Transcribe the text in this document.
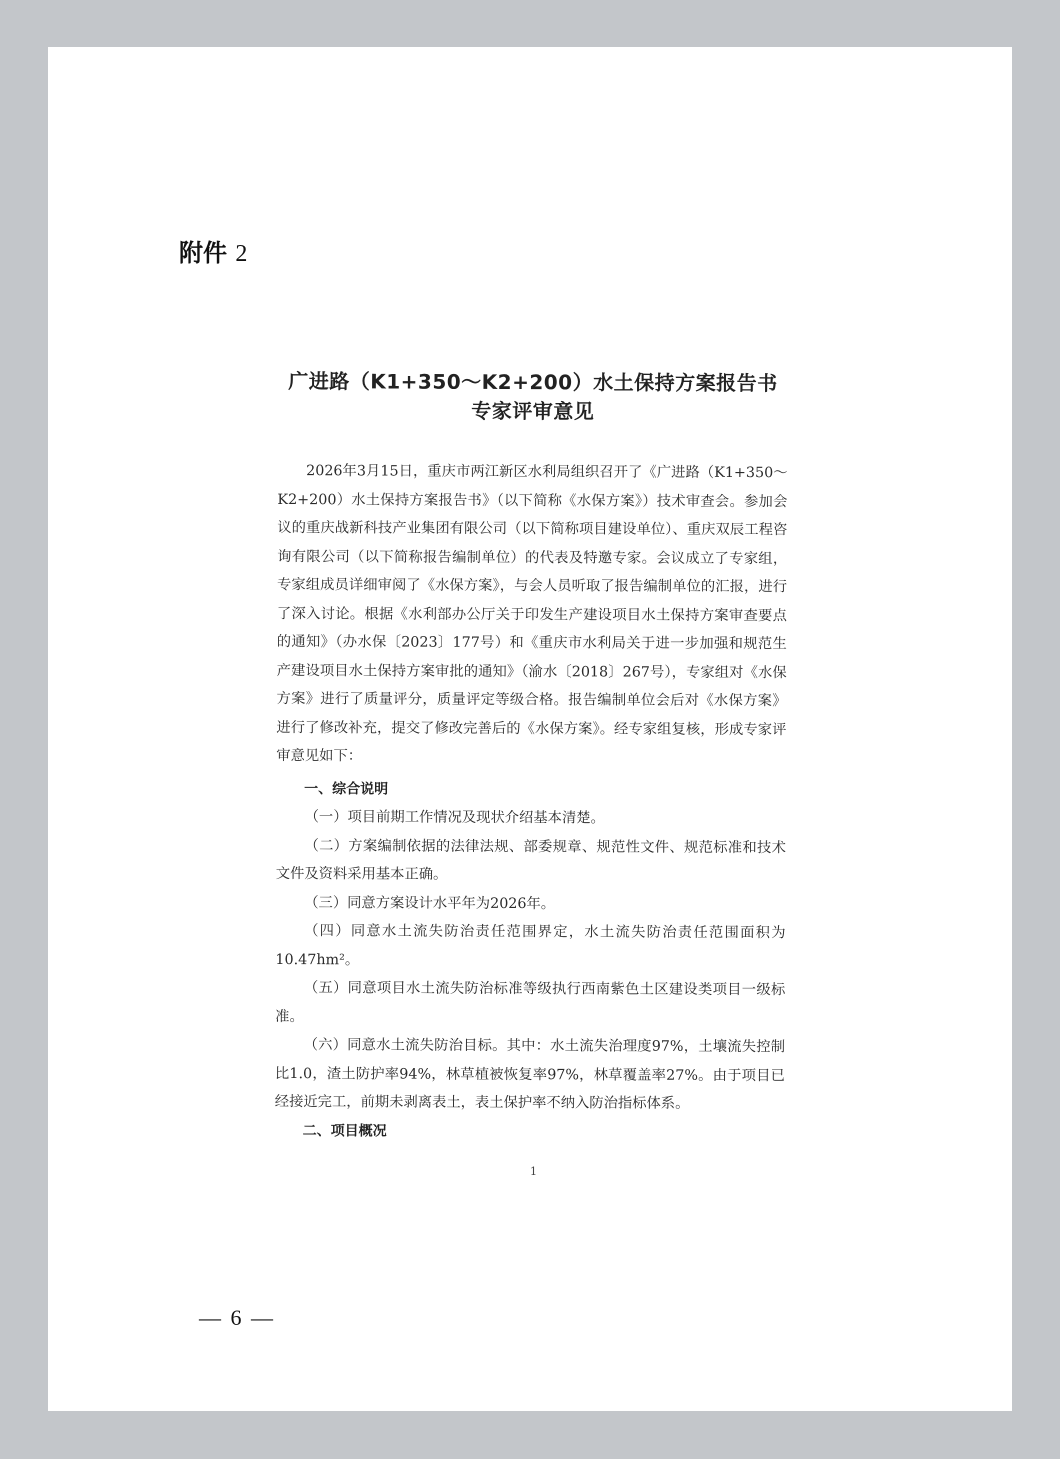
附件 2
广进路（K1+350～K2+200）水土保持方案报告书
专家评审意见

2026年3月15日，重庆市两江新区水利局组织召开了《广进路（K1+350～K2+200）水土保持方案报告书》（以下简称《水保方案》）技术审查会。参加会议的重庆战新科技产业集团有限公司（以下简称项目建设单位）、重庆双辰工程咨询有限公司（以下简称报告编制单位）的代表及特邀专家。会议成立了专家组，专家组成员详细审阅了《水保方案》，与会人员听取了报告编制单位的汇报，进行了深入讨论。根据《水利部办公厅关于印发生产建设项目水土保持方案审查要点的通知》（办水保〔2023〕177号）和《重庆市水利局关于进一步加强和规范生产建设项目水土保持方案审批的通知》（渝水〔2018〕267号），专家组对《水保方案》进行了质量评分，质量评定等级合格。报告编制单位会后对《水保方案》进行了修改补充，提交了修改完善后的《水保方案》。经专家组复核，形成专家评审意见如下：

一、综合说明

（一）项目前期工作情况及现状介绍基本清楚。

（二）方案编制依据的法律法规、部委规章、规范性文件、规范标准和技术文件及资料采用基本正确。

（三）同意方案设计水平年为2026年。

（四）同意水土流失防治责任范围界定，水土流失防治责任范围面积为10.47hm²。

（五）同意项目水土流失防治标准等级执行西南紫色土区建设类项目一级标准。

（六）同意水土流失防治目标。其中：水土流失治理度97%，土壤流失控制比1.0，渣土防护率94%，林草植被恢复率97%，林草覆盖率27%。由于项目已经接近完工，前期未剥离表土，表土保护率不纳入防治指标体系。

二、项目概况

1
— 6 —
